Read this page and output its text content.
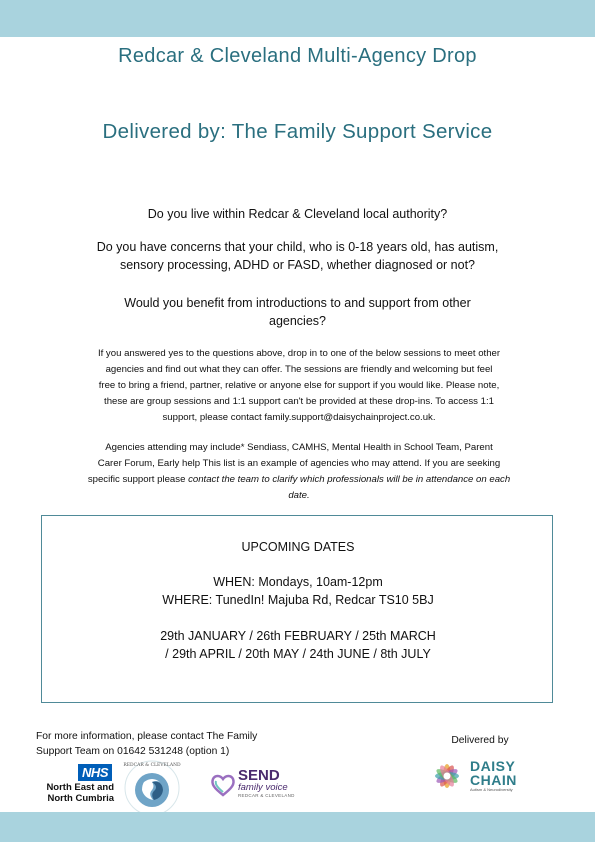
Redcar & Cleveland Multi-Agency Drop
Delivered by: The Family Support Service
Do you live within Redcar & Cleveland local authority?
Do you have concerns that your child, who is 0-18 years old, has autism,
sensory processing, ADHD or FASD, whether diagnosed or not?
Would you benefit from introductions to and support from other
agencies?
If you answered yes to the questions above, drop in to one of the below sessions to meet other
agencies and find out what they can offer. The sessions are friendly and welcoming but feel
free to bring a friend, partner, relative or anyone else for support if you would like. Please note,
these are group sessions and 1:1 support can't be provided at these drop-ins. To access 1:1
support, please contact family.support@daisychainproject.co.uk.
Agencies attending may include* Sendiass, CAMHS, Mental Health in School Team, Parent
Carer Forum, Early help This list is an example of agencies who may attend. If you are seeking
specific support please contact the team to clarify which professionals will be in attendance on each
date.
UPCOMING DATES
WHEN: Mondays, 10am-12pm
WHERE: TunedIn! Majuba Rd, Redcar TS10 5BJ
29th JANUARY / 26th FEBRUARY / 25th MARCH
/ 29th APRIL / 20th MAY / 24th JUNE / 8th JULY
For more information, please contact The Family
Support Team on 01642 531248 (option 1)
Delivered by
NHS
North East and
North Cumbria
REDCAR & CLEVELAND
SEND
family voice
REDCAR & CLEVELAND
DAISY
CHAIN
Autism & Neurodiversity
